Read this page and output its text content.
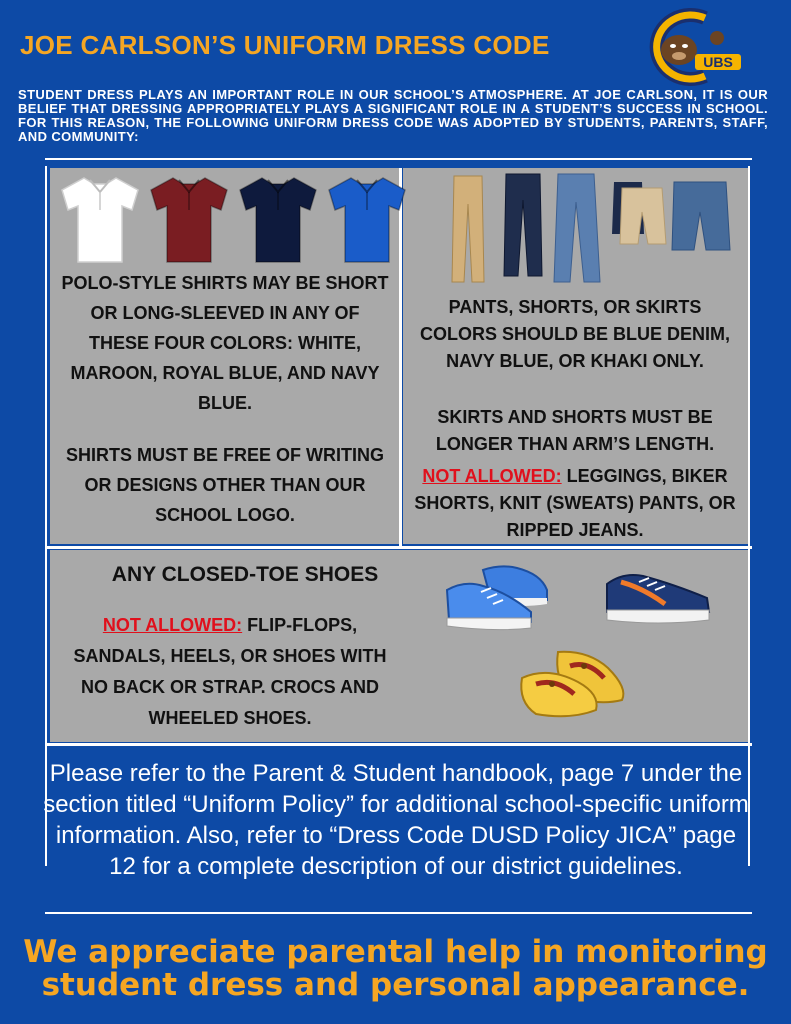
JOE CARLSON’S UNIFORM DRESS CODE
UBS
STUDENT DRESS PLAYS AN IMPORTANT ROLE IN OUR SCHOOL’S ATMOSPHERE. AT JOE CARLSON, IT IS OUR BELIEF THAT DRESSING APPROPRIATELY PLAYS A SIGNIFICANT ROLE IN A STUDENT’S SUCCESS IN SCHOOL. FOR THIS REASON, THE FOLLOWING UNIFORM DRESS CODE WAS ADOPTED BY STUDENTS, PARENTS, STAFF, AND COMMUNITY:
POLO-STYLE SHIRTS MAY BE SHORT OR LONG-SLEEVED IN ANY OF THESE FOUR COLORS: WHITE, MAROON, ROYAL BLUE, AND NAVY BLUE.
SHIRTS MUST BE FREE OF WRITING OR DESIGNS OTHER THAN OUR SCHOOL LOGO.
PANTS, SHORTS, OR SKIRTS COLORS SHOULD BE BLUE DENIM, NAVY BLUE, OR KHAKI ONLY.
SKIRTS AND SHORTS MUST BE LONGER THAN ARM’S LENGTH.
NOT ALLOWED: LEGGINGS, BIKER SHORTS, KNIT (SWEATS) PANTS, OR RIPPED JEANS.
ANY CLOSED-TOE SHOES
NOT ALLOWED: FLIP-FLOPS, SANDALS, HEELS, OR SHOES WITH NO BACK OR STRAP. CROCS AND WHEELED SHOES.
Please refer to the Parent & Student handbook, page 7 under the section titled “Uniform Policy” for additional school-specific uniform information. Also, refer to “Dress Code DUSD Policy JICA” page 12 for a complete description of our district guidelines.
We appreciate parental help in monitoring student dress and personal appearance.
